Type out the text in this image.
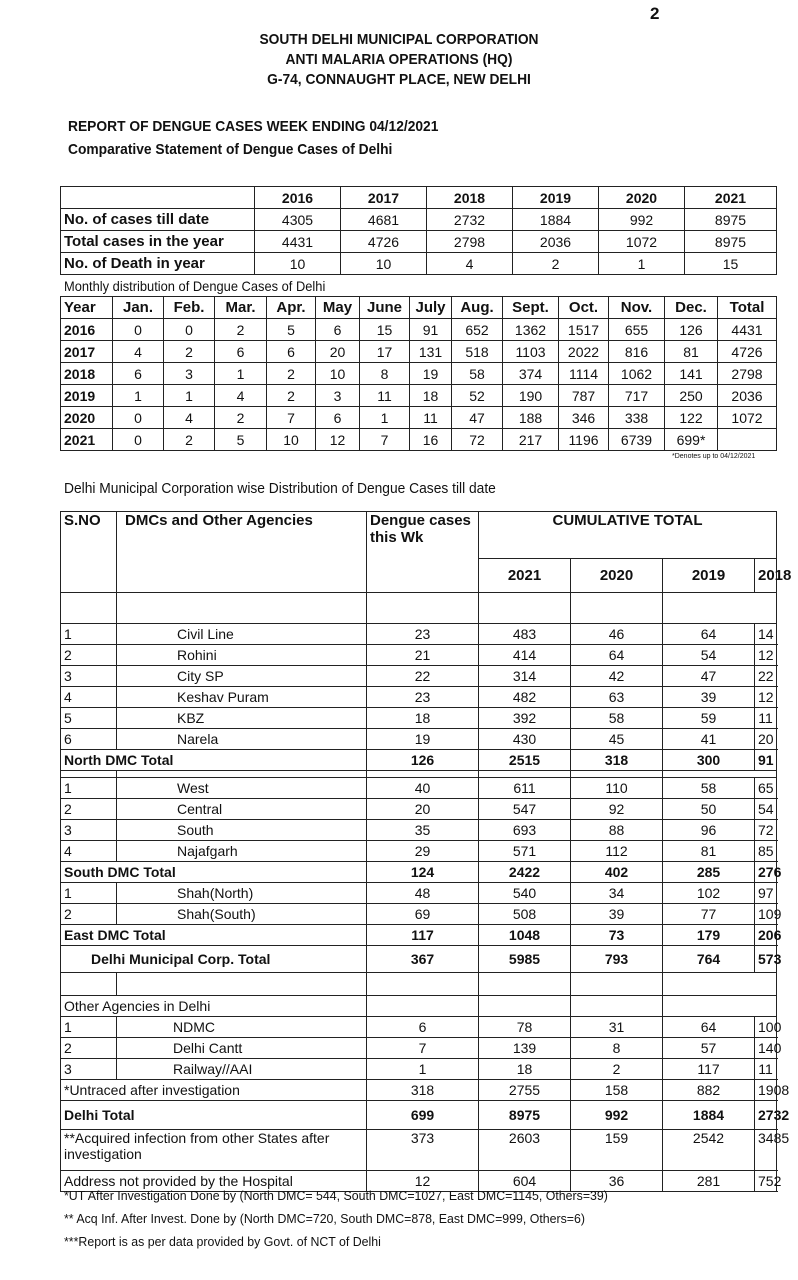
2
SOUTH DELHI MUNICIPAL CORPORATION
ANTI MALARIA OPERATIONS (HQ)
G-74, CONNAUGHT PLACE, NEW DELHI
REPORT OF DENGUE CASES WEEK ENDING 04/12/2021
Comparative Statement of Dengue Cases of Delhi
	2016	2017	2018	2019	2020	2021
No. of cases till date	4305	4681	2732	1884	992	8975
Total cases in the year	4431	4726	2798	2036	1072	8975
No. of Death in year	10	10	4	2	1	15
Monthly distribution of Dengue Cases of Delhi
Year	Jan.	Feb.	Mar.	Apr.	May	June	July	Aug.	Sept.	Oct.	Nov.	Dec.	Total
2016	0	0	2	5	6	15	91	652	1362	1517	655	126	4431
2017	4	2	6	6	20	17	131	518	1103	2022	816	81	4726
2018	6	3	1	2	10	8	19	58	374	1114	1062	141	2798
2019	1	1	4	2	3	11	18	52	190	787	717	250	2036
2020	0	4	2	7	6	1	11	47	188	346	338	122	1072
2021	0	2	5	10	12	7	16	72	217	1196	6739	699*	
*Denotes up to 04/12/2021
Delhi Municipal Corporation wise Distribution of Dengue Cases till date
S.NO	DMCs and Other Agencies	Dengue cases this Wk	CUMULATIVE TOTAL			
			2021	2020	2019	2018

1	Civil Line	23	483	46	64	14
2	Rohini	21	414	64	54	12
3	City SP	22	314	42	47	22
4	Keshav Puram	23	482	63	39	12
5	KBZ	18	392	58	59	11
6	Narela	19	430	45	41	20
North DMC Total		126	2515	318	300	91

1	West	40	611	110	58	65
2	Central	20	547	92	50	54
3	South	35	693	88	96	72
4	Najafgarh	29	571	112	81	85
South DMC Total		124	2422	402	285	276
1	Shah(North)	48	540	34	102	97
2	Shah(South)	69	508	39	77	109
East DMC Total		117	1048	73	179	206
Delhi Municipal Corp. Total		367	5985	793	764	573

Other Agencies in Delhi						
1	NDMC	6	78	31	64	100
2	Delhi Cantt	7	139	8	57	140
3	Railway//AAI	1	18	2	117	11
*Untraced after investigation		318	2755	158	882	1908
Delhi Total		699	8975	992	1884	2732
**Acquired infection from other States after investigation		373	2603	159	2542	3485
Address not provided by the Hospital		12	604	36	281	752
*UT After Investigation Done by (North DMC= 544, South DMC=1027, East DMC=1145, Others=39)
** Acq Inf. After Invest. Done by (North DMC=720, South DMC=878, East DMC=999, Others=6)
***Report is as per data provided by Govt. of NCT of Delhi
